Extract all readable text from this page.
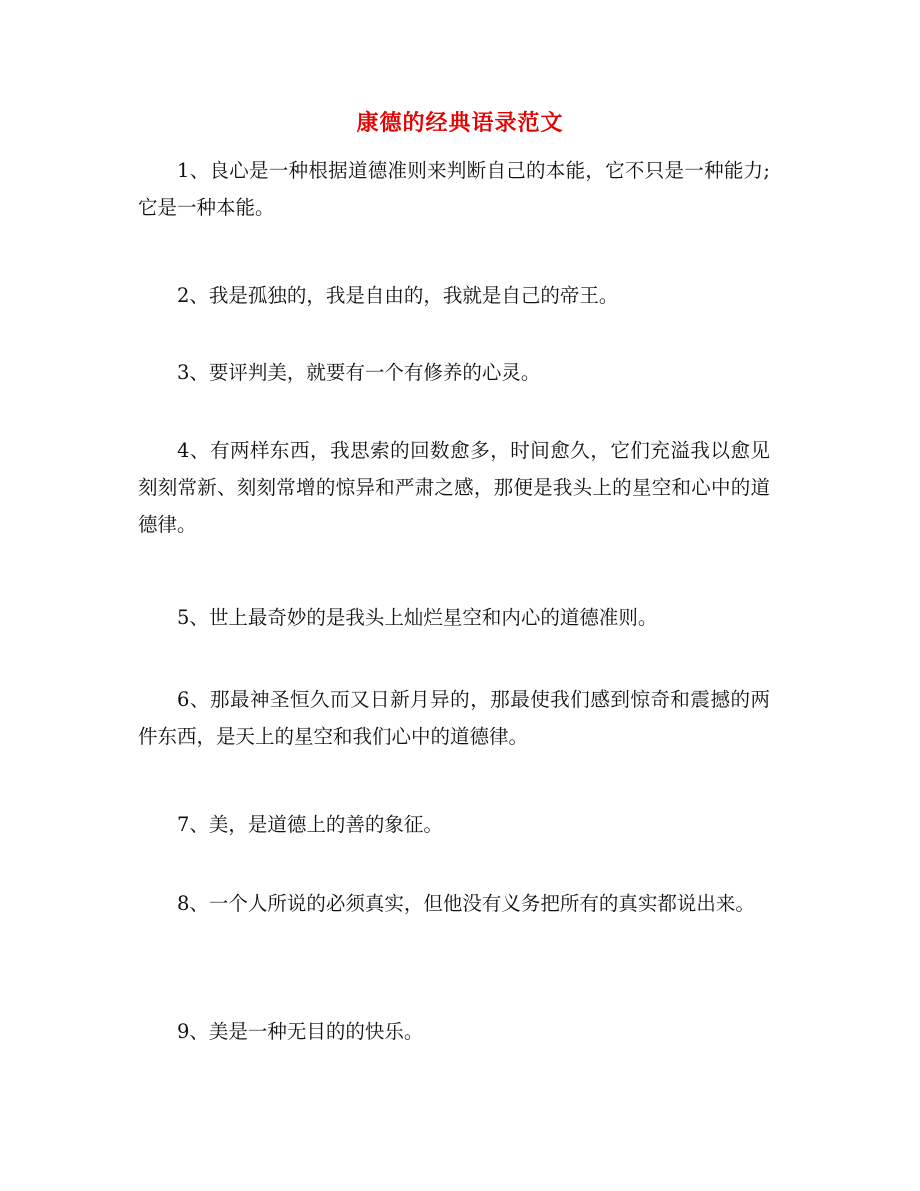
康德的经典语录范文

1、良心是一种根据道德准则来判断自己的本能，它不只是一种能力;它是一种本能。

2、我是孤独的，我是自由的，我就是自己的帝王。

3、要评判美，就要有一个有修养的心灵。

4、有两样东西，我思索的回数愈多，时间愈久，它们充溢我以愈见刻刻常新、刻刻常增的惊异和严肃之感，那便是我头上的星空和心中的道德律。

5、世上最奇妙的是我头上灿烂星空和内心的道德准则。

6、那最神圣恒久而又日新月异的，那最使我们感到惊奇和震撼的两件东西，是天上的星空和我们心中的道德律。

7、美，是道德上的善的象征。

8、一个人所说的必须真实，但他没有义务把所有的真实都说出来。

9、美是一种无目的的快乐。
